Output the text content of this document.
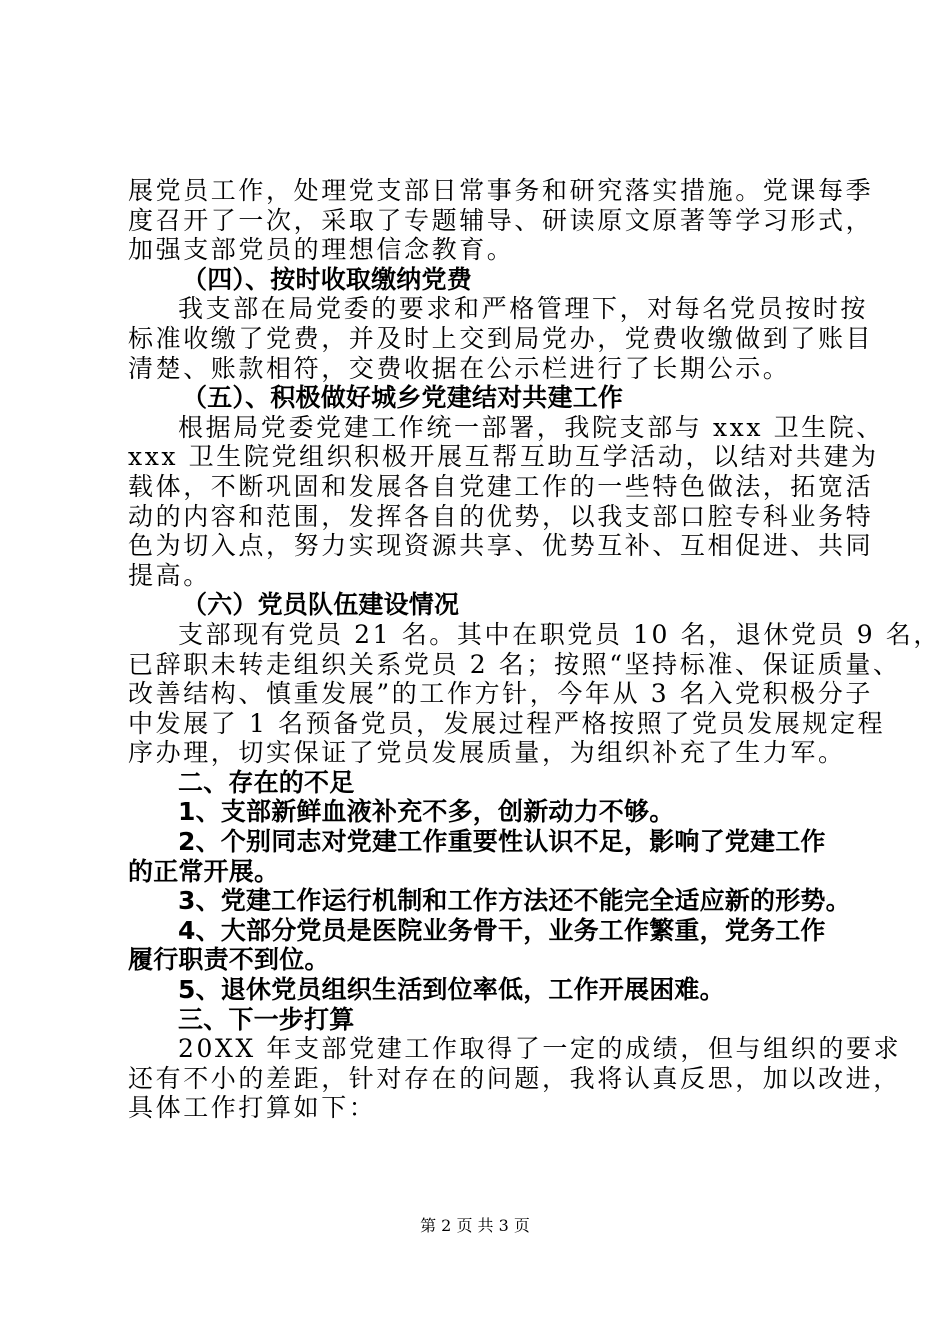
展党员工作，处理党支部日常事务和研究落实措施。党课每季
度召开了一次，采取了专题辅导、研读原文原著等学习形式，
加强支部党员的理想信念教育。
（四）、按时收取缴纳党费
我支部在局党委的要求和严格管理下，对每名党员按时按
标准收缴了党费，并及时上交到局党办，党费收缴做到了账目
清楚、账款相符，交费收据在公示栏进行了长期公示。
（五）、积极做好城乡党建结对共建工作
根据局党委党建工作统一部署，我院支部与 xxx 卫生院、
xxx 卫生院党组织积极开展互帮互助互学活动，以结对共建为
载体，不断巩固和发展各自党建工作的一些特色做法，拓宽活
动的内容和范围，发挥各自的优势，以我支部口腔专科业务特
色为切入点，努力实现资源共享、优势互补、互相促进、共同
提高。
（六）党员队伍建设情况
支部现有党员 21 名。其中在职党员 10 名，退休党员 9 名，
已辞职未转走组织关系党员 2 名；按照“坚持标准、保证质量、
改善结构、慎重发展”的工作方针，今年从 3 名入党积极分子
中发展了 1 名预备党员，发展过程严格按照了党员发展规定程
序办理，切实保证了党员发展质量，为组织补充了生力军。
二、存在的不足
1、支部新鲜血液补充不多，创新动力不够。
2、个别同志对党建工作重要性认识不足，影响了党建工作
的正常开展。
3、党建工作运行机制和工作方法还不能完全适应新的形势。
4、大部分党员是医院业务骨干，业务工作繁重，党务工作
履行职责不到位。
5、退休党员组织生活到位率低，工作开展困难。
三、下一步打算
20XX 年支部党建工作取得了一定的成绩，但与组织的要求
还有不小的差距，针对存在的问题，我将认真反思，加以改进，
具体工作打算如下：
第 2 页 共 3 页
